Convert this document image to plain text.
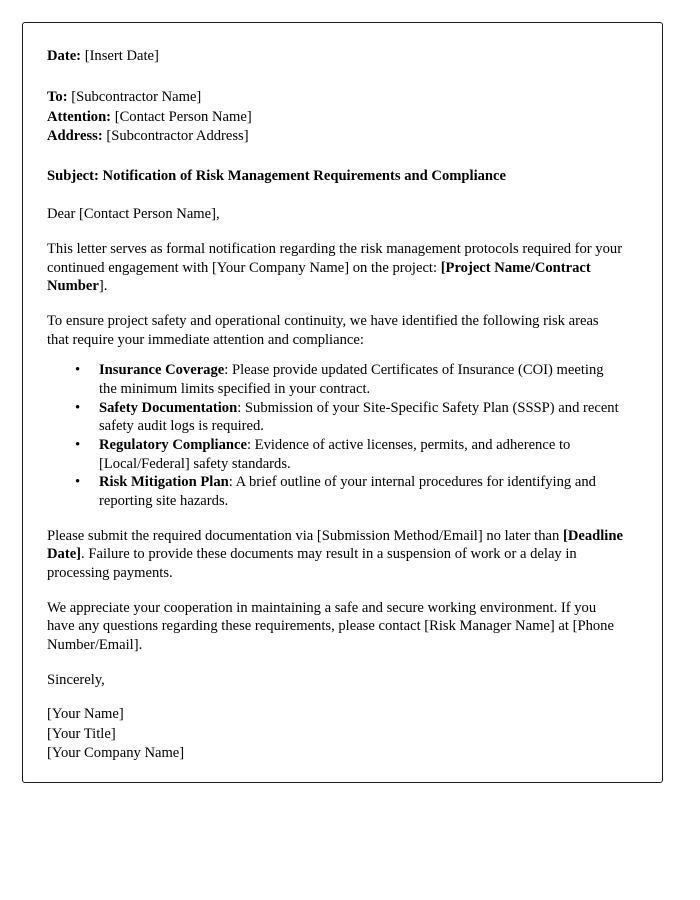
Date: [Insert Date]

To: [Subcontractor Name]

Attention: [Contact Person Name]

Address: [Subcontractor Address]

Subject: Notification of Risk Management Requirements and Compliance

Dear [Contact Person Name],

This letter serves as formal notification regarding the risk management protocols required for your continued engagement with [Your Company Name] on the project: [Project Name/Contract Number].

To ensure project safety and operational continuity, we have identified the following risk areas that require your immediate attention and compliance:

• Insurance Coverage: Please provide updated Certificates of Insurance (COI) meeting the minimum limits specified in your contract.
• Safety Documentation: Submission of your Site-Specific Safety Plan (SSSP) and recent safety audit logs is required.
• Regulatory Compliance: Evidence of active licenses, permits, and adherence to [Local/Federal] safety standards.
• Risk Mitigation Plan: A brief outline of your internal procedures for identifying and reporting site hazards.

Please submit the required documentation via [Submission Method/Email] no later than [Deadline Date]. Failure to provide these documents may result in a suspension of work or a delay in processing payments.

We appreciate your cooperation in maintaining a safe and secure working environment. If you have any questions regarding these requirements, please contact [Risk Manager Name] at [Phone Number/Email].

Sincerely,

[Your Name]

[Your Title]

[Your Company Name]
